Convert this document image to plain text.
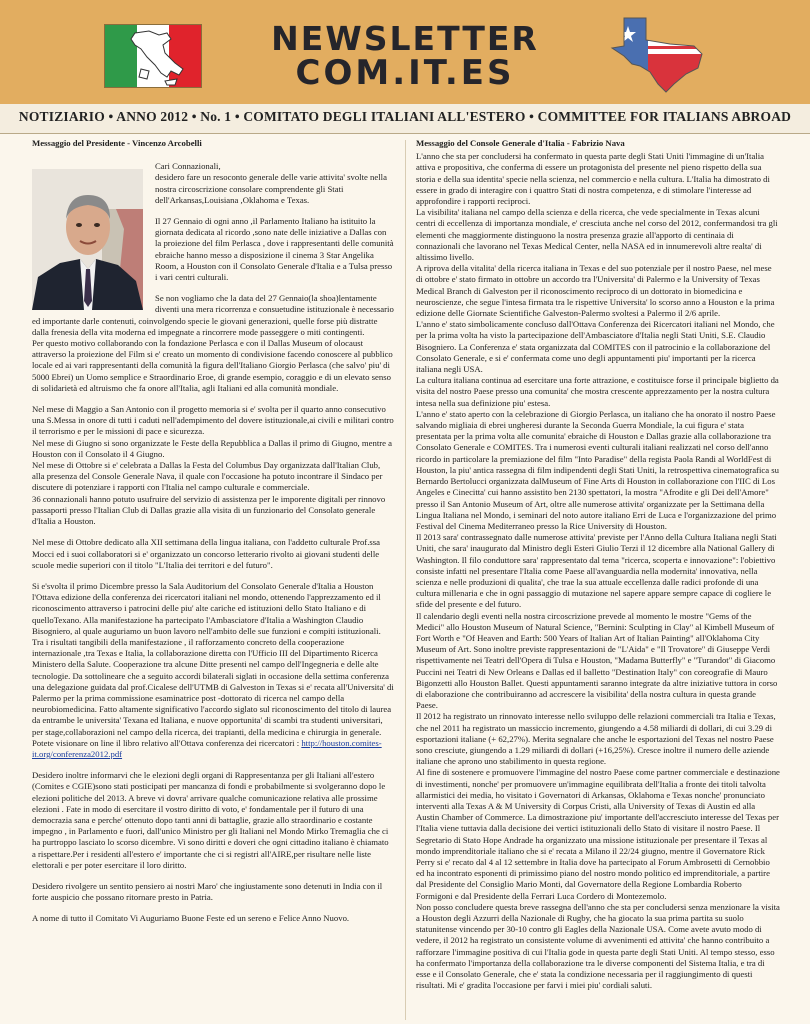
NEWSLETTER
COM.IT.ES
NOTIZIARIO • ANNO 2012 • No. 1 • COMITATO DEGLI ITALIANI ALL'ESTERO • COMMITTEE FOR ITALIANS ABROAD
Messaggio del Presidente - Vincenzo Arcobelli

Cari Connazionali,
desidero fare un resoconto generale delle varie attivita' svolte nella nostra circoscrizione consolare comprendente gli Stati dell'Arkansas,Louisiana ,Oklahoma e Texas.

Il 27 Gennaio di ogni anno ,il Parlamento Italiano ha istituito la giornata dedicata al ricordo ,sono nate delle iniziative a Dallas con la proiezione del film Perlasca , dove i rappresentanti delle comunità ebraiche hanno messo a disposizione il cinema 3 Star Angelika Room, a Houston con il Consolato Generale d'Italia e a Tulsa presso i vari centri culturali.

Se non vogliamo che la data del 27 Gennaio(la shoa)lentamente diventi una mera ricorrenza e consuetudine istituzionale è necessario ed importante darle contenuti, coinvolgendo specie le giovani generazioni, quelle forse più distratte dalla frenesia della vita moderna ed impegnate a rincorrere mode passeggere o miti contingenti.
Per questo motivo collaborando con la fondazione Perlasca e con il Dallas Museum of olocaust attraverso la proiezione del Film si e' creato un momento di condivisione facendo conoscere al pubblico locale ed ai vari rappresentanti della comunità la figura dell'Italiano Giorgio Perlasca (che salvo' piu' di 5000 Ebrei) un Uomo semplice e Straordinario Eroe, di grande esempio, coraggio e di un elevato senso di solidarietà ed altruismo che fa onore all'Italia, agli Italiani ed alla comunità mondiale.

Nel mese di Maggio a San Antonio con il progetto memoria si e' svolta per il quarto anno consecutivo una S.Messa in onore di tutti i caduti nell'adempimento del dovere istituzionale,ai civili e militari contro il terrorismo e per le missioni di pace e sicurezza.
Nel mese di Giugno si sono organizzate le Feste della Repubblica a Dallas il primo di Giugno, mentre a Houston con il Consolato il 4 Giugno.
Nel mese di Ottobre si e' celebrata a Dallas la Festa del Columbus Day organizzata dall'Italian Club, alla presenza del Console Generale Nava, il quale con l'occasione ha potuto incontrare il Sindaco per discutere di potenziare i rapporti con l'Italia nel campo culturale e commerciale.
36 connazionali hanno potuto usufruire del servizio di assistenza per le imporente digitali per rinnovo passaporti presso l'Italian Club di Dallas grazie alla visita di un funzionario del Consolato generale d'Italia a Houston.

Nel mese di Ottobre dedicato alla XII settimana della lingua italiana, con l'addetto culturale Prof.ssa Mocci ed i suoi collaboratori si e' organizzato un concorso letterario rivolto ai giovani studenti delle scuole medie superiori con il titolo "L'Italia dei territori e del futuro".

Si e'svolta il primo Dicembre presso la Sala Auditorium del Consolato Generale d'Italia a Houston l'Ottava edizione della conferenza dei ricercatori italiani nel mondo, ottenendo l'apprezzamento ed il riconoscimento attraverso i patrocini delle piu' alte cariche ed istituzioni dello Stato Italiano e di quelloTexano. Alla manifestazione ha partecipato l'Ambasciatore d'Italia a Washington Claudio Bisogniero, al quale auguriamo un buon lavoro nell'ambito delle sue funzioni e compiti istituzionali. Tra i risultati tangibili della manifestazione , il rafforzamento concreto della cooperazione internazionale ,tra Texas e Italia, la collaborazione diretta con l'Ufficio III del Dipartimento Ricerca Ministero della Salute. Cooperazione tra alcune Ditte presenti nel campo dell'Ingegneria e delle alte tecnologie. Da sottolineare che a seguito accordi bilaterali siglati in occasione della settima conferenza una delegazione guidata dal prof.Cicalese dell'UTMB di Galveston in Texas si e' recata all'Universita' di Palermo per la prima commissione esaminatrice post -dottorato di ricerca nel campo della neurobiomedicina. Fatto altamente significativo l'accordo siglato sul riconoscimento del titolo di laurea da entrambe le universita' Texana ed Italiana, e nuove opportunita' di scambi tra studenti universitari, per stage,collaborazioni nel campo della ricerca, dei trapianti, della medicina e chirurgia in generale. Potete visionare on line il libro relativo all'Ottava conferenza dei ricercatori : http://houston.comites-it.org/conferenza2012.pdf

Desidero inoltre informarvi che le elezioni degli organi di Rappresentanza per gli Italiani all'estero (Comites e CGIE)sono stati posticipati per mancanza di fondi e probabilmente si svolgeranno dopo le elezioni politiche del 2013. A breve vi dovra' arrivare qualche comunicazione relativa alle prossime elezioni . Fate in modo di esercitare il vostro diritto di voto, e' fondamentale per il futuro di una democrazia sana e perche' ottenuto dopo tanti anni di battaglie, grazie allo straordinario e costante impegno , in Parlamento e fuori, dall'unico Ministro per gli Italiani nel Mondo Mirko Tremaglia che ci ha purtroppo lasciato lo scorso dicembre. Vi sono diritti e doveri che ogni cittadino italiano è chiamato a rispettare.Per i residenti all'estero e' importante che ci si registri all'AIRE,per risultare nelle liste elettorali e per poter esercitare il loro diritto.

Desidero rivolgere un sentito pensiero ai nostri Maro' che ingiustamente sono detenuti in India con il forte auspicio che possano ritornare presto in Patria.

A nome di tutto il Comitato Vi Auguriamo Buone Feste ed un sereno e Felice Anno Nuovo.

Messaggio del Console Generale d'Italia - Fabrizio Nava

L'anno che sta per concludersi ha confermato in questa parte degli Stati Uniti l'immagine di un'Italia attiva e propositiva, che conferma di essere un protagonista del presente nel pieno rispetto della sua storia e della sua identita' specie nella scienza, nel commercio e nella cultura. L'Italia ha dimostrato di essere in grado di interagire con i quattro Stati di nostra competenza, e di stimolare l'interesse ad approfondire i rapporti reciproci.
La visibilita' italiana nel campo della scienza e della ricerca, che vede specialmente in Texas alcuni centri di eccellenza di importanza mondiale, e' cresciuta anche nel corso del 2012, confermandosi tra gli elementi che maggiormente distinguono la nostra presenza grazie all'apporto di centinaia di connazionali che lavorano nel Texas Medical Center, nella NASA ed in innumerevoli altre realta' di altissimo livello.
A riprova della vitalita' della ricerca italiana in Texas e del suo potenziale per il nostro Paese, nel mese di ottobre e' stato firmato in ottobre un accordo tra l'Universita' di Palermo e la University of Texas Medical Branch di Galveston per il riconoscimento reciproco di un dottorato in biomedicina e neuroscienze, che segue l'intesa firmata tra le rispettive Universita' lo scorso anno a Houston e la prima edizione delle Giornate Scientifiche Galveston-Palermo svoltesi a Palermo il 2/6 aprile.
L'anno e' stato simbolicamente concluso dall'Ottava Conferenza dei Ricercatori italiani nel Mondo, che per la prima volta ha visto la partecipazione dell'Ambasciatore d'Italia negli Stati Uniti, S.E. Claudio Bisogniero. La Conferenza e' stata organizzata dal COMITES con il patrocinio e la collaborazione del Consolato Generale, e si e' confermata come uno degli appuntamenti piu' importanti per la ricerca italiana negli USA.
La cultura italiana continua ad esercitare una forte attrazione, e costituisce forse il principale biglietto da visita del nostro Paese presso una comunita' che mostra crescente apprezzamento per la nostra cultura intesa nella sua definizione piu' estesa.
L'anno e' stato aperto con la celebrazione di Giorgio Perlasca, un italiano che ha onorato il nostro Paese salvando migliaia di ebrei ungheresi durante la Seconda Guerra Mondiale, la cui figura e' stata presentata per la prima volta alle comunita' ebraiche di Houston e Dallas grazie alla collaborazione tra Consolato Generale e COMITES. Tra i numerosi eventi culturali italiani realizzati nel corso dell'anno ricordo in particolare la premiazione del film "Into Paradise" della regista Paola Randi al WorldFest di Houston, la piu' antica rassegna di film indipendenti degli Stati Uniti, la retrospettiva cinematografica su Bernardo Bertolucci organizzata dalMuseum of Fine Arts di Houston in collaborazione con l'IIC di Los Angeles e Cinecitta' cui hanno assistito ben 2130 spettatori, la mostra "Afrodite e gli Dei dell'Amore" presso il San Antonio Museum of Art, oltre alle numerose attivita' organizzate per la Settimana della Lingua Italiana nel Mondo, i seminari del noto autore italiano Erri de Luca e l'organizzazione del primo Festival del Cinema Mediterraneo presso la Rice University di Houston.
Il 2013 sara' contrassegnato dalle numerose attivita' previste per l'Anno della Cultura Italiana negli Stati Uniti, che sara' inaugurato dal Ministro degli Esteri Giulio Terzi il 12 dicembre alla National Gallery di Washington. Il filo conduttore sara' rappresentato dal tema "ricerca, scoperta e innovazione": l'obiettivo consiste infatti nel presentare l'Italia come Paese all'avanguardia nella modernita' innovativa, nella scienza e nelle produzioni di qualita', che trae la sua attuale eccellenza dalle radici profonde di una cultura millenaria e che in ogni passaggio di mutazione nel sapere appare sempre capace di cogliere le sfide del presente e del futuro.
Il calendario degli eventi nella nostra circoscrizione prevede al momento le mostre "Gems of the Medici" allo Houston Museum of Natural Science, "Bernini: Sculpting in Clay" al Kimbell Museum of Fort Worth e "Of Heaven and Earth: 500 Years of Italian Art of Italian Painting" all'Oklahoma City Museum of Art. Sono inoltre previste rappresentazioni de "L'Aida" e "Il Trovatore" di Giuseppe Verdi rispettivamente nei Teatri dell'Opera di Tulsa e Houston, "Madama Butterfly" e "Turandot" di Giacomo Puccini nei Teatri di New Orleans e Dallas ed il balletto "Destination Italy" con coreografie di Mauro Bigonzetti allo Houston Ballet. Questi appuntamenti saranno integrate da altre iniziative tuttora in corso di elaborazione che contribuiranno ad accrescere la visibilita' della nostra cultura in questa grande Paese.
Il 2012 ha registrato un rinnovato interesse nello sviluppo delle relazioni commerciali tra Italia e Texas, che nel 2011 ha registrato un massiccio incremento, giungendo a 4.58 miliardi di dollari, di cui 3.29 di esportazioni italiane (+ 62,27%). Merita segnalare che anche le esportazioni del Texas nel nostro Paese sono cresciute, giungendo a 1.29 miliardi di dollari (+16,25%). Cresce inoltre il numero delle aziende italiane che aprono uno stabilimento in questa regione.
Al fine di sostenere e promuovere l'immagine del nostro Paese come partner commerciale e destinazione di investimenti, nonche' per promuovere un'immagine equilibrata dell'Italia a fronte dei titoli talvolta allarmistici dei media, ho visitato i Governatori di Arkansas, Oklahoma e Texas nonche' pronunciato interventi alla Texas A & M University di Corpus Cristi, alla University of Texas di Austin ed alla Austin Chamber of Commerce. La dimostrazione piu' importante dell'accresciuto interesse del Texas per l'Italia viene tuttavia dalla decisione dei vertici istituzionali dello Stato di visitare il nostro Paese. Il Segretario di Stato Hope Andrade ha organizzato una missione istituzionale per presentare il Texas al mondo imprenditoriale italiano che si e' recata a Milano il 22/24 giugno, mentre il Governatore Rick Perry si e' recato dal 4 al 12 settembre in Italia dove ha partecipato al Forum Ambrosetti di Cernobbio ed ha incontrato esponenti di primissimo piano del nostro mondo politico ed imprenditoriale, a partire dal Presidente del Consiglio Mario Monti, dal Governatore della Regione Lombardia Roberto Formigoni e dal Presidente della Ferrari Luca Cordero di Montezemolo.
Non posso concludere questa breve rassegna dell'anno che sta per concludersi senza menzionare la visita a Houston degli Azzurri della Nazionale di Rugby, che ha giocato la sua prima partita su suolo statunitense vincendo per 30-10 contro gli Eagles della Nazionale USA. Come avete avuto modo di vedere, il 2012 ha registrato un consistente volume di avvenimenti ed attivita' che hanno contribuito a rafforzare l'immagine positiva di cui l'Italia gode in questa parte degli Stati Uniti. Al tempo stesso, esso ha confermato l'importanza della collaborazione tra le diverse componenti del Sistema Italia, e tra di esse e il Consolato Generale, che e' stata la condizione necessaria per il raggiungimento di questi risultati. Mi e' gradita l'occasione per farvi i miei piu' cordiali saluti.
